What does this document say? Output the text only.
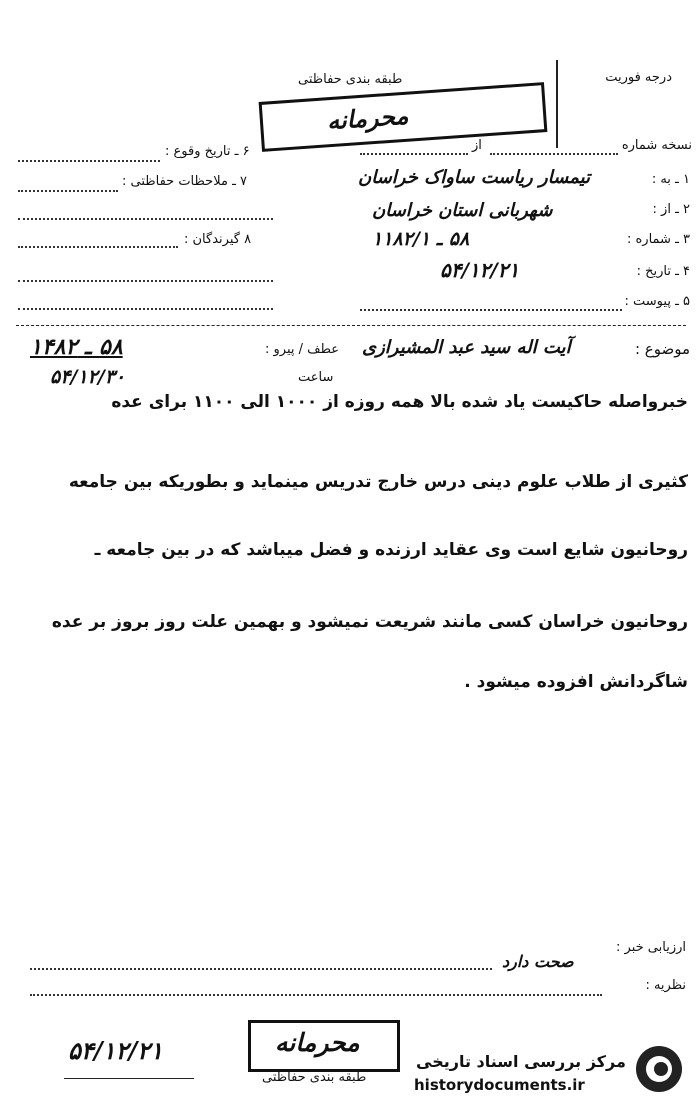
درجه فوریت
طبقه بندی حفاظتی
محرمانه
۶ ـ تاریخ وقوع :
۷ ـ ملاحظات حفاظتی :
۸ گیرندگان :
نسخه شماره
از
۱ ـ به :
تیمسار ریاست ساواک خراسان
۲ ـ از :
شهربانی استان خراسان
۳ ـ شماره :
۵۸ ـ ۱۱۸۲/۱
۴ ـ تاریخ :
۵۴/۱۲/۲۱
۵ ـ پیوست :
موضوع :
آیت اله سید عبد المشیرازی
عطف / پیرو :
۵۸ ـ ۱۴۸۲
۵۴/۱۲/۳۰	ساعت
خبرواصله حاکیست یاد شده بالا همه روزه از ۱۰۰۰ الی ۱۱۰۰ برای عده
کثیری از طلاب علوم دینی درس خارج تدریس مینماید و بطوریکه بین جامعه
روحانیون شایع است وی عقاید ارزنده و فضل میباشد که در بین جامعه ـ
روحانیون خراسان کسی مانند شریعت نمیشود و بهمین علت روز بروز بر عده
شاگردانش افزوده میشود .
ارزیابی خبر :
صحت دارد
نظریه :
۵۴/۱۲/۲۱	محرمانه
طبقه بندی حفاظتی
مرکز بررسی اسناد تاریخی
historydocuments.ir
